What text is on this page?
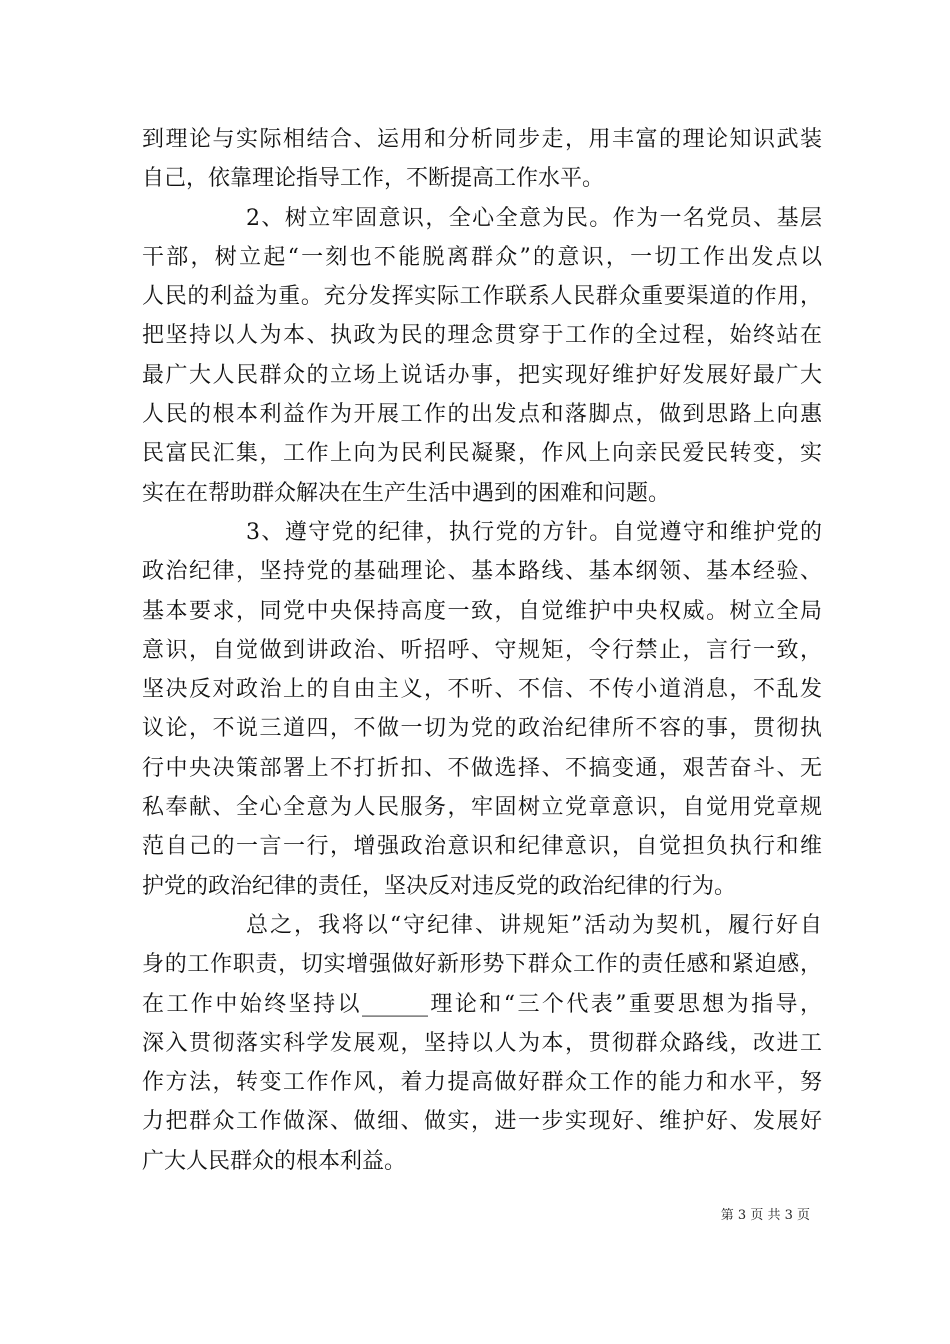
到理论与实际相结合、运用和分析同步走，用丰富的理论知识武装
自己，依靠理论指导工作，不断提高工作水平。
2、树立牢固意识，全心全意为民。作为一名党员、基层
干部，树立起“一刻也不能脱离群众”的意识，一切工作出发点以
人民的利益为重。充分发挥实际工作联系人民群众重要渠道的作用，
把坚持以人为本、执政为民的理念贯穿于工作的全过程，始终站在
最广大人民群众的立场上说话办事，把实现好维护好发展好最广大
人民的根本利益作为开展工作的出发点和落脚点，做到思路上向惠
民富民汇集，工作上向为民利民凝聚，作风上向亲民爱民转变，实
实在在帮助群众解决在生产生活中遇到的困难和问题。
3、遵守党的纪律，执行党的方针。自觉遵守和维护党的
政治纪律，坚持党的基础理论、基本路线、基本纲领、基本经验、
基本要求，同党中央保持高度一致，自觉维护中央权威。树立全局
意识，自觉做到讲政治、听招呼、守规矩，令行禁止，言行一致，
坚决反对政治上的自由主义，不听、不信、不传小道消息，不乱发
议论，不说三道四，不做一切为党的政治纪律所不容的事，贯彻执
行中央决策部署上不打折扣、不做选择、不搞变通，艰苦奋斗、无
私奉献、全心全意为人民服务，牢固树立党章意识，自觉用党章规
范自己的一言一行，增强政治意识和纪律意识，自觉担负执行和维
护党的政治纪律的责任，坚决反对违反党的政治纪律的行为。
总之，我将以“守纪律、讲规矩”活动为契机，履行好自
身的工作职责，切实增强做好新形势下群众工作的责任感和紧迫感，
在工作中始终坚持以______理论和“三个代表”重要思想为指导，
深入贯彻落实科学发展观，坚持以人为本，贯彻群众路线，改进工
作方法，转变工作作风，着力提高做好群众工作的能力和水平，努
力把群众工作做深、做细、做实，进一步实现好、维护好、发展好
广大人民群众的根本利益。
第 3 页 共 3 页
